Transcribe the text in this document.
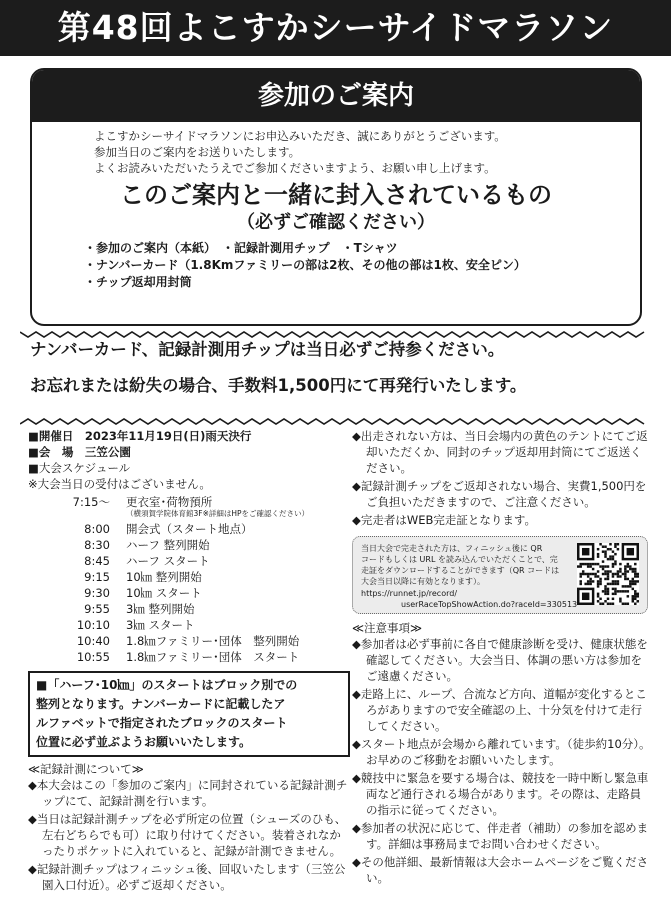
第48回よこすかシーサイドマラソン
参加のご案内
よこすかシーサイドマラソンにお申込みいただき、誠にありがとうございます。
参加当日のご案内をお送りいたします。
よくお読みいただいたうえでご参加くださいますよう、お願い申し上げます。
このご案内と一緒に封入されているもの
（必ずご確認ください）
・参加のご案内（本紙）　・記録計測用チップ　・Tシャツ
・ナンバーカード（1.8Kmファミリーの部は2枚、その他の部は1枚、安全ピン）
・チップ返却用封筒
ナンバーカード、記録計測用チップは当日必ずご持参ください。
お忘れまたは紛失の場合、手数料1,500円にて再発行いたします。
■開催日　2023年11月19日(日)雨天決行
■会　場　三笠公園
■大会スケジュール
※大会当日の受付はございません。
7:15～	更衣室･荷物預所
（横須賀学院体育館3F※詳細はHPをご確認ください）
8:00	開会式（スタート地点）
8:30	ハーフ 整列開始
8:45	ハーフ スタート
9:15	10㎞ 整列開始
9:30	10㎞ スタート
9:55	3㎞ 整列開始
10:10	3㎞ スタート
10:40	1.8㎞ファミリー･団体　整列開始
10:55	1.8㎞ファミリー･団体　スタート
■「ハーフ･10㎞」のスタートはブロック別での
整列となります。ナンバーカードに記載したア
ルファベットで指定されたブロックのスタート
位置に必ず並ぶようお願いいたします。
≪記録計測について≫
◆本大会はこの「参加のご案内」に同封されている記録計測チップにて、記録計測を行います。
◆当日は記録計測チップを必ず所定の位置（シューズのひも、左右どちらでも可）に取り付けてください。装着されなかったりポケットに入れていると、記録が計測できません。
◆記録計測チップはフィニッシュ後、回収いたします（三笠公園入口付近）。必ずご返却ください。
◆出走されない方は、当日会場内の黄色のテントにてご返却いただくか、同封のチップ返却用封筒にてご返送ください。
◆記録計測チップをご返却されない場合、実費1,500円をご負担いただきますので、ご注意ください。
◆完走者はWEB完走証となります。
当日大会で完走された方は、フィニッシュ後に QR
コードもしくは URL を読み込んでいただくことで、完
走証をダウンロードすることができます（QR コードは
大会当日以降に有効となります）。
https://runnet.jp/record/
userRaceTopShowAction.do?raceId=330513
≪注意事項≫
◆参加者は必ず事前に各自で健康診断を受け、健康状態を確認してください。大会当日、体調の悪い方は参加をご遠慮ください。
◆走路上に、ループ、合流など方向、道幅が変化するところがありますので安全確認の上、十分気を付けて走行してください。
◆スタート地点が会場から離れています。（徒歩約10分）。お早めのご移動をお願いいたします。
◆競技中に緊急を要する場合は、競技を一時中断し緊急車両など通行される場合があります。その際は、走路員の指示に従ってください。
◆参加者の状況に応じて、伴走者（補助）の参加を認めます。詳細は事務局までお問い合わせください。
◆その他詳細、最新情報は大会ホームページをご覧ください。
